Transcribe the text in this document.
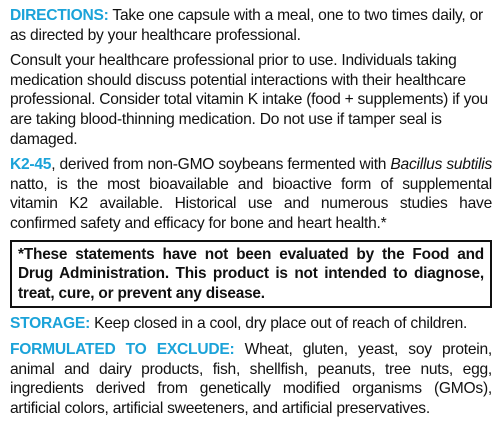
DIRECTIONS: Take one capsule with a meal, one to two times daily, or as directed by your healthcare professional.

Consult your healthcare professional prior to use. Individuals taking medication should discuss potential interactions with their healthcare professional. Consider total vitamin K intake (food + supplements) if you are taking blood-thinning medication. Do not use if tamper seal is damaged.

K2-45, derived from non-GMO soybeans fermented with Bacillus subtilis natto, is the most bioavailable and bioactive form of supplemental vitamin K2 available. Historical use and numerous studies have confirmed safety and efficacy for bone and heart health.*

*These statements have not been evaluated by the Food and Drug Administration. This product is not intended to diagnose, treat, cure, or prevent any disease.

STORAGE: Keep closed in a cool, dry place out of reach of children.

FORMULATED TO EXCLUDE: Wheat, gluten, yeast, soy protein, animal and dairy products, fish, shellfish, peanuts, tree nuts, egg, ingredients derived from genetically modified organisms (GMOs), artificial colors, artificial sweeteners, and artificial preservatives.
